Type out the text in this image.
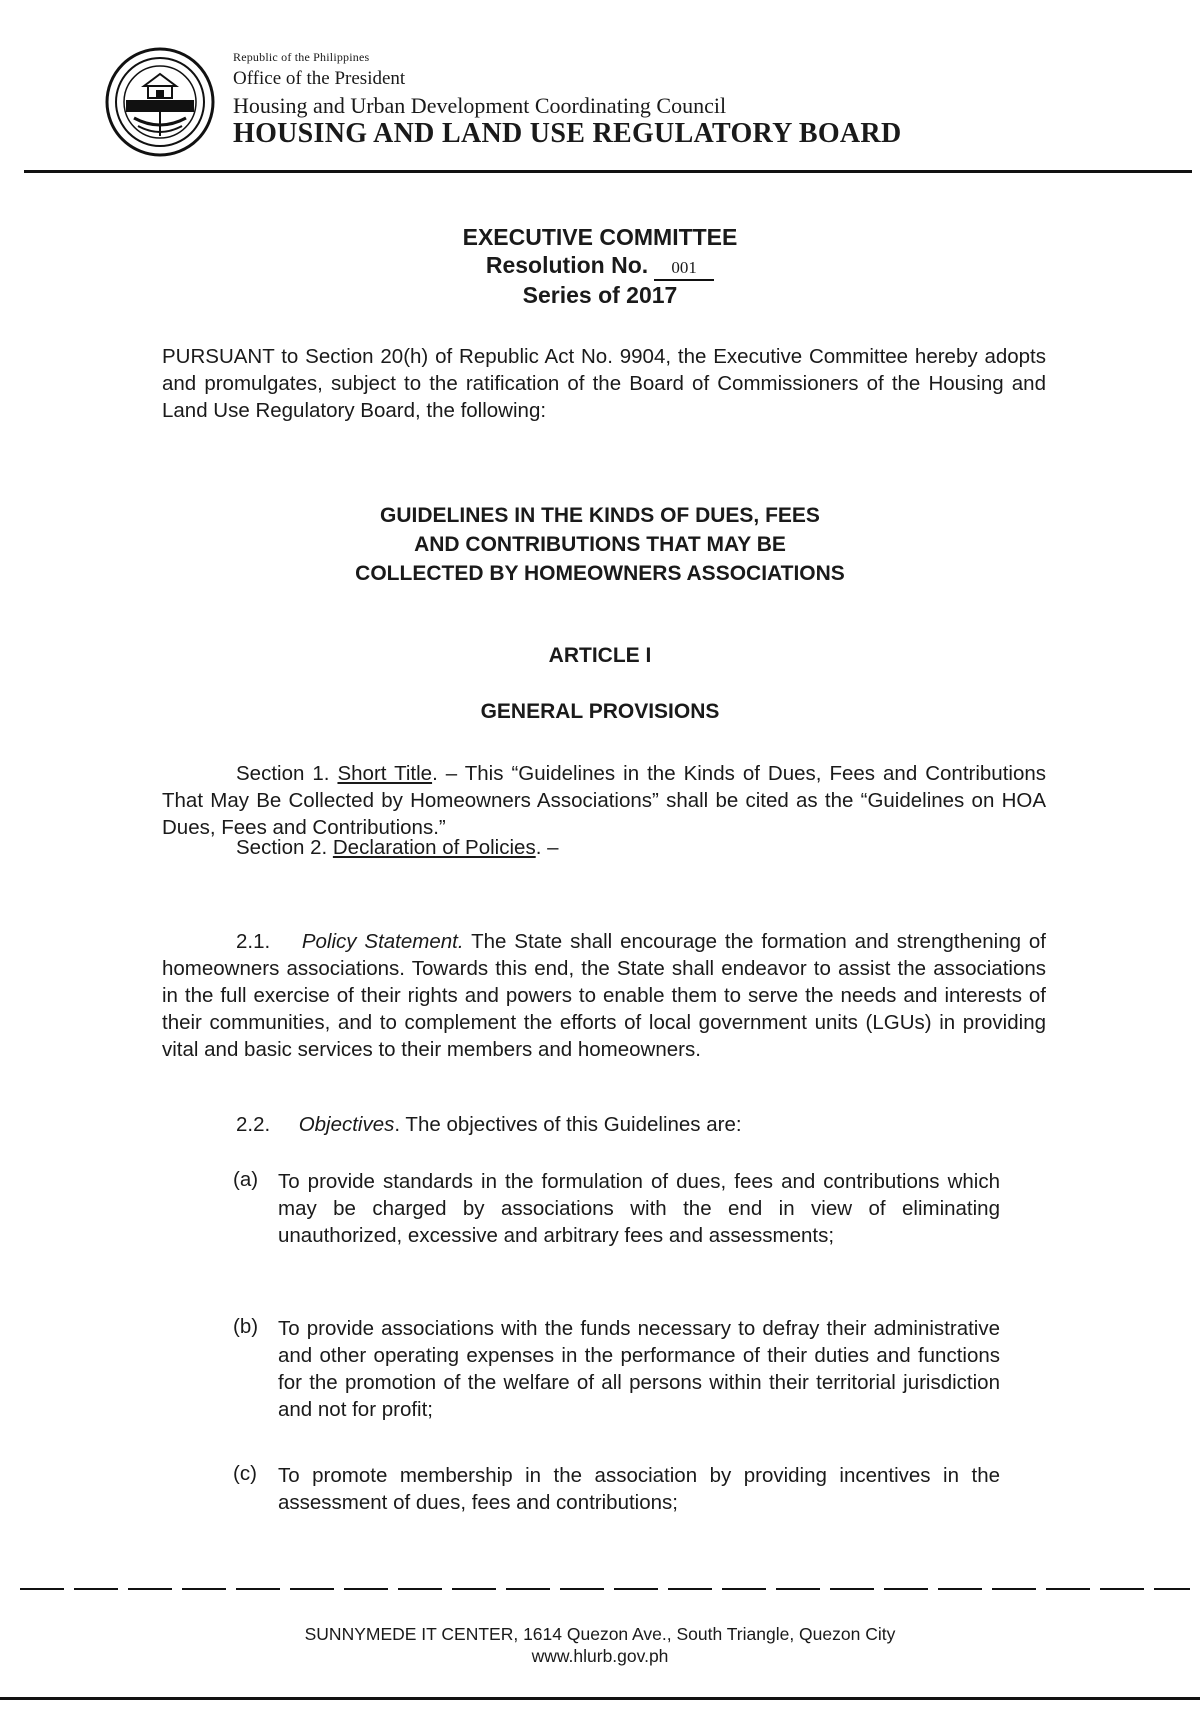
Republic of the Philippines
Office of the President
Housing and Urban Development Coordinating Council
HOUSING AND LAND USE REGULATORY BOARD
EXECUTIVE COMMITTEE
Resolution No. 001
Series of 2017
PURSUANT to Section 20(h) of Republic Act No. 9904, the Executive Committee hereby adopts and promulgates, subject to the ratification of the Board of Commissioners of the Housing and Land Use Regulatory Board, the following:
GUIDELINES IN THE KINDS OF DUES, FEES
AND CONTRIBUTIONS THAT MAY BE
COLLECTED BY HOMEOWNERS ASSOCIATIONS
ARTICLE I
GENERAL PROVISIONS
Section 1. Short Title. – This “Guidelines in the Kinds of Dues, Fees and Contributions That May Be Collected by Homeowners Associations” shall be cited as the “Guidelines on HOA Dues, Fees and Contributions.”
Section 2. Declaration of Policies. –
2.1. Policy Statement. The State shall encourage the formation and strengthening of homeowners associations. Towards this end, the State shall endeavor to assist the associations in the full exercise of their rights and powers to enable them to serve the needs and interests of their communities, and to complement the efforts of local government units (LGUs) in providing vital and basic services to their members and homeowners.
2.2. Objectives. The objectives of this Guidelines are:
(a) To provide standards in the formulation of dues, fees and contributions which may be charged by associations with the end in view of eliminating unauthorized, excessive and arbitrary fees and assessments;
(b) To provide associations with the funds necessary to defray their administrative and other operating expenses in the performance of their duties and functions for the promotion of the welfare of all persons within their territorial jurisdiction and not for profit;
(c) To promote membership in the association by providing incentives in the assessment of dues, fees and contributions;
SUNNYMEDE IT CENTER, 1614 Quezon Ave., South Triangle, Quezon City
www.hlurb.gov.ph
